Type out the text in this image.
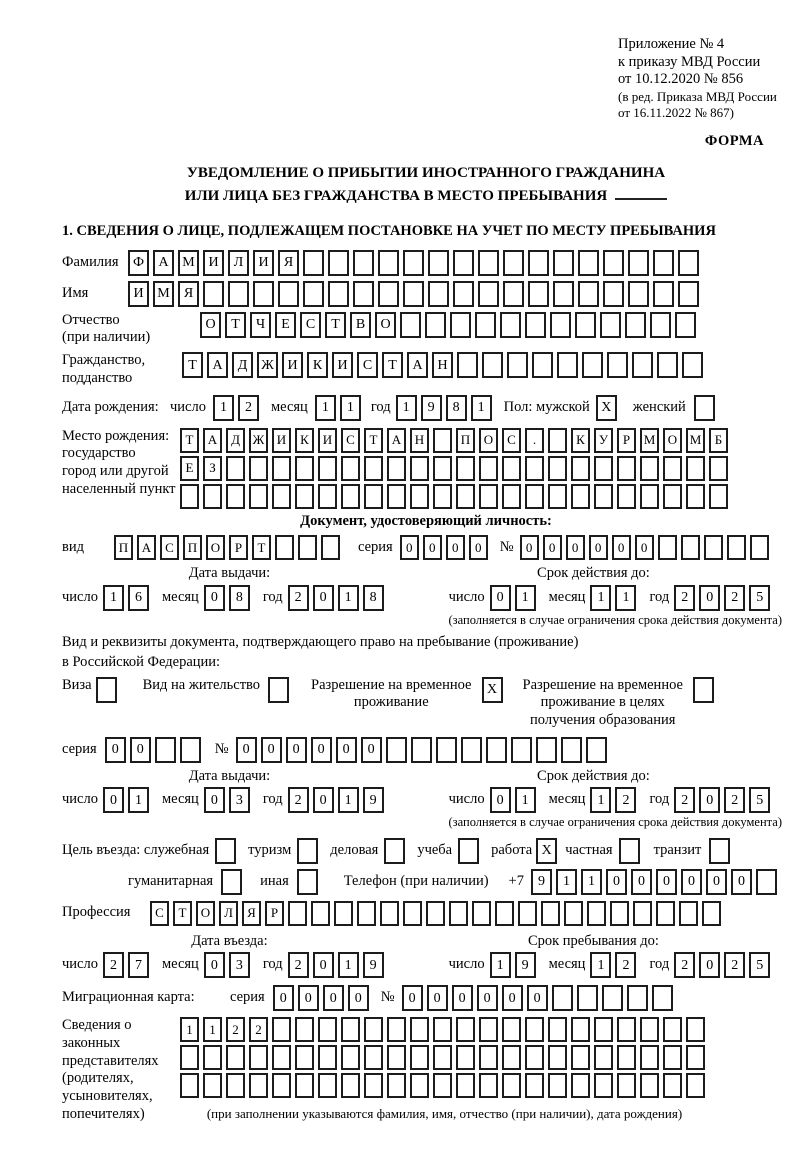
Приложение № 4
к приказу МВД России
от 10.12.2020 № 856
(в ред. Приказа МВД России
от 16.11.2022 № 867)
ФОРМА
УВЕДОМЛЕНИЕ О ПРИБЫТИИ ИНОСТРАННОГО ГРАЖДАНИНА
ИЛИ ЛИЦА БЕЗ ГРАЖДАНСТВА В МЕСТО ПРЕБЫВАНИЯ
1. СВЕДЕНИЯ О ЛИЦЕ, ПОДЛЕЖАЩЕМ ПОСТАНОВКЕ НА УЧЕТ ПО МЕСТУ ПРЕБЫВАНИЯ
Фамилия	Ф	А М И	Л	И	Я
Имя	И М	Я
Отчество
(при наличии)
О	Т	Ч	Е	С	Т	В	О
Гражданство,
подданство
Т	А	Д Ж И	К	И	С	Т	А	Н
Дата рождения: число	1	2	месяц	1	1	год 1	9	8	1	Пол: мужской X	женский
Место рождения:
государство
город или другой
населенный пункт
Т	А	Д Ж И	К	И	С	Т	А	Н	П	О	С	.	К	У	Р	М О М	Б
Е	З
Документ, удостоверяющий личность:
вид	П	А	С	П	О	Р	Т	серия	0	0	0	0	№ 0	0	0	0	0	0
Дата выдачи:	Срок действия до:
число 1	6	месяц 0	8	год 2	0	1	8	число 0	1	месяц 1	1	год 2	0	2	5
(заполняется в случае ограничения срока действия документа)
Вид и реквизиты документа, подтверждающего право на пребывание (проживание)
в Российской Федерации:
Виза	Вид на жительство	Разрешение на временное
проживание
X	Разрешение на временное
проживание в целях
получения образования
серия	0	0	№	0	0	0	0	0	0
Дата выдачи:	Срок действия до:
число 0	1	месяц 0	3	год 2	0	1	9	число 0	1	месяц 1	2	год 2	0	2	5
(заполняется в случае ограничения срока действия документа)
Цель въезда: служебная	туризм	деловая	учеба	работа X частная	транзит
гуманитарная	иная	Телефон (при наличии) +7	9	1	1	0	0	0	0	0	0
Профессия	С	Т	О	Л	Я	Р
Дата въезда:	Срок пребывания до:
число 2	7	месяц 0	3	год 2	0	1	9	число 1	9	месяц 1	2	год 2	0	2	5
Миграционная карта:	серия	0	0	0	0	№	0	0	0	0	0	0
Сведения о
законных
представителях
(родителях,
усыновителях,
попечителях)
1	1	2	2
(при заполнении указываются фамилия, имя, отчество (при наличии), дата рождения)
